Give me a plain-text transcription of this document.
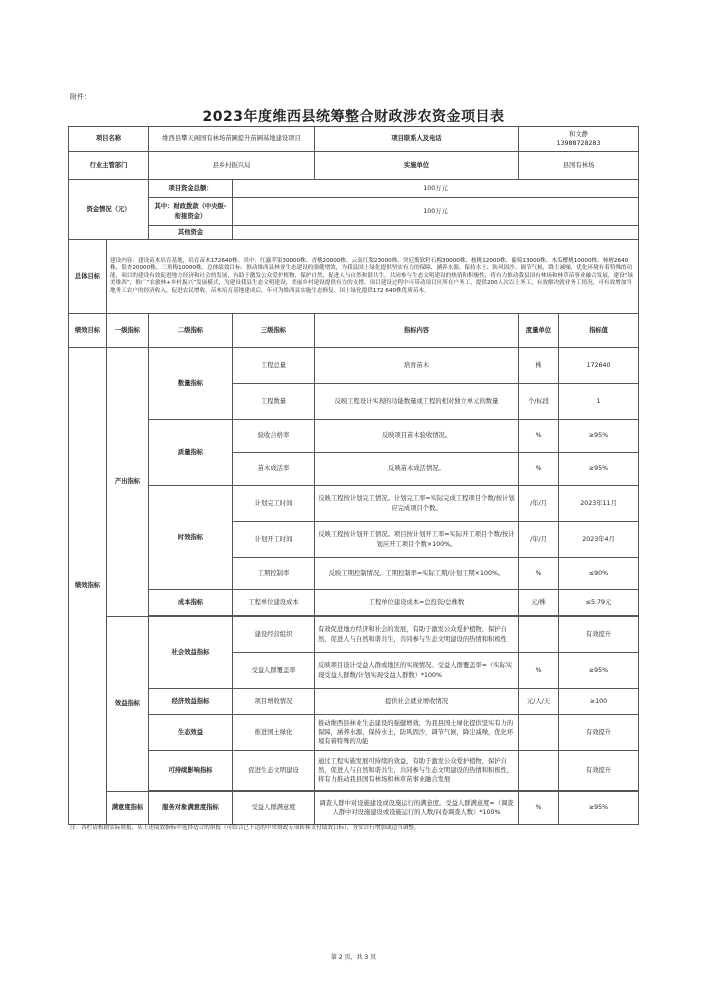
附件：
2023年度维西县统筹整合财政涉农资金项目表
项目名称		维西县攀天阁国有林场苗圃提升苗圃基地建设项目		项目联系人及电话	和文静
13988728283	

行业主管部门		县乡村振兴局		实施单位	县国有林场	
资金情况（元）		项目资金总额：	100万元			
		其中：财政拨款（中央级-衔接资金）	100万元			
		其他资金				
总体目标	建设内容：建设苗木培育基地，培育苗木172640株。其中：红露苹果30000株、青桃20000株、云南红梨23000株、突尼斯软籽石榴30000株、核桃12000株、葡萄13000株、木瓜樱桃10000株、柿树2640株、银杏20000株、三角梅10000株。总体绩效目标：推动维西县林业生态建设的强健增效，为我县国土绿化提供坚实有力的保障，涵养水源、保持水土、防风固沙、调节气候，降尘减噪，优化环境有着特殊的功能，项目的建设有效促进地方经济和社会的发展，有助于激发公众爱护植物，保护自然，促进人与自然和谐共生，共同参与生态文明建设的热情和积极性，将有力推动我县国有林场和林草苗事业融合发展，建设“绿美维西”，推广“农旅林+乡村振兴”发展模式，为建设我县生态文明建设，美丽乡村建设提供有力的支撑。项目建设过程中可带动项目区所在户务工，提供200人次以上务工，有效解决就业务工情况，可有效增加当地务工农户的经济收入，促进农民增收，苗木培育基地建成后，年可为维西县实施生态修复、国土绿化提供172 640株优质苗木。					
绩效目标	一级指标	二级指标	三级指标	指标内容	度量单位	指标值
绩效指标	产出指标	数量指标	工程总量	培育苗木	株	172640
			工程数量	反映工程设计实现的功能数量或工程的相对独立单元的数量	个/标段	1
		质量指标	验收合格率	反映项目苗木验收情况。	%	≥95%
			苗木成活率	反映苗木成活情况。	%	≥95%
		时效指标	计划完工时间	反映工程按计划完工情况。计划完工率=实际完成工程项目个数/按计划应完成项目个数。	/年/月	2023年11月
			计划开工时间	反映工程按计划开工情况。项目按计划开工率=实际开工项目个数/按计划应开工项目个数×100%。	/年/月	2023年4月
			工期控制率	反映工期控制情况。工期控制率=实际工期/计划工期×100%。	%	≤90%
		成本指标	工程单位建设成本	工程单位建设成本=总投资/总株数	元/株	≤5.79元

	效益指标	社会效益指标	建设经营组织	有效促进地方经济和社会的发展，有助于激发公众爱护植物，保护自然，促进人与自然和谐共生，共同参与生态文明建设的热情和积极性		有效提升
			受益人群覆盖率	反映项目设计受益人群或地区的实现情况。受益人群覆盖率=（实际实现受益人群数/计划实现受益人群数）*100%	%	≥95%
		经济效益指标	项目增收情况	提供社会就业增收情况	元/人/天	≥100
		生态效益	推进国土绿化	推动维西县林业生态建设的强健增效，为我县国土绿化提供坚实有力的保障，涵养水源，保持水土，防风固沙，调节气候，降尘减噪，优化环境有着特殊的功能		有效提升
		可持续影响指标	促进生态文明建设	通过工程实施发展可持续的效益，有助于激发公众爱护植物，保护自然，促进人与自然和谐共生，共同参与生态文明建设的热情和积极性，将有力推动我县国有林场和林草苗事业融合发展		有效提升

	满意度指标	服务对象满意度指标	受益人群满意度	调查人群中对设施建设或设施运行的满意度。受益人群满意度=（调查人群中对设施建设或设施运行的人数/问卷调查人数）*100%	%	≥95%
注：各栏请根据实际填报，从上述绩效指标中选择适合的填报（可结合已下达的中央财政专项转移支付绩效目标），夯实自行增加或适当调整。
第 2 页，共 3 页
